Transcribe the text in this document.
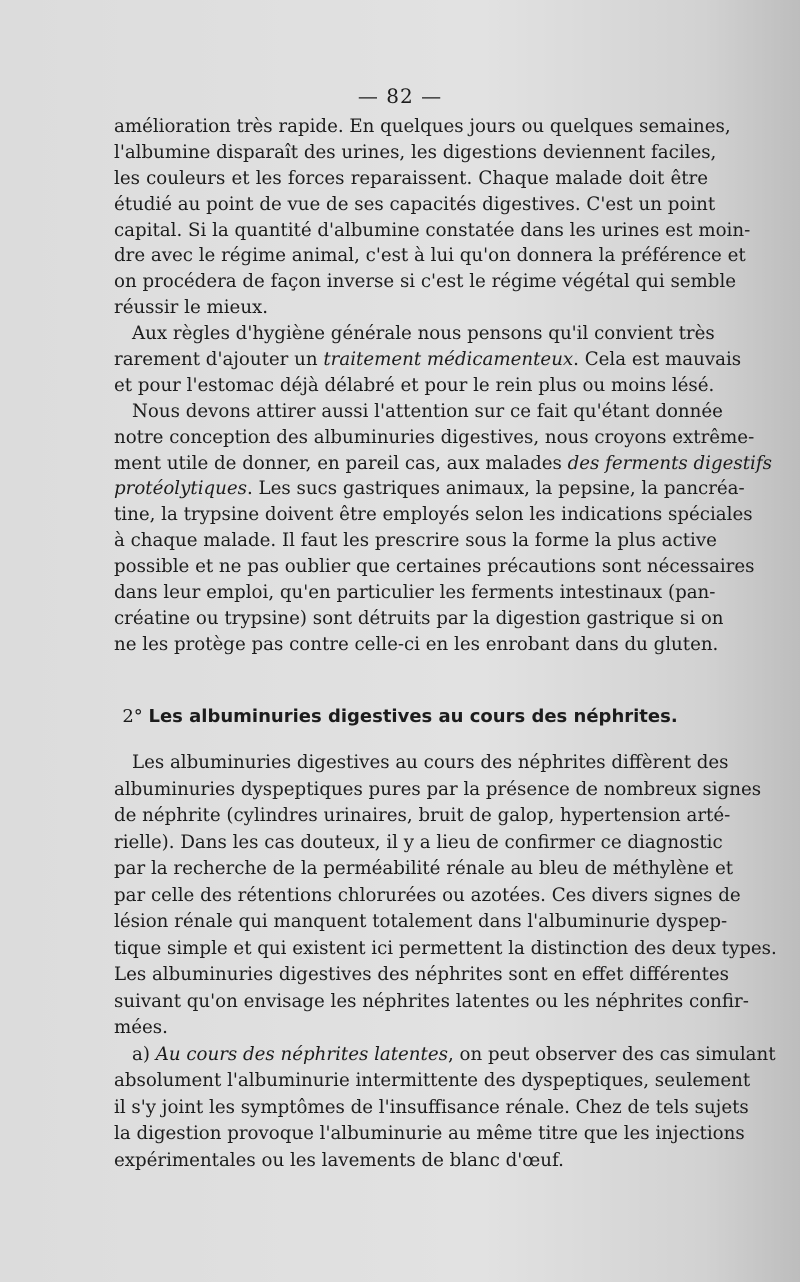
— 82 —
amélioration très rapide. En quelques jours ou quelques semaines,
l'albumine disparaît des urines, les digestions deviennent faciles,
les couleurs et les forces reparaissent. Chaque malade doit être
étudié au point de vue de ses capacités digestives. C'est un point
capital. Si la quantité d'albumine constatée dans les urines est moin-
dre avec le régime animal, c'est à lui qu'on donnera la préférence et
on procédera de façon inverse si c'est le régime végétal qui semble
réussir le mieux.
Aux règles d'hygiène générale nous pensons qu'il convient très
rarement d'ajouter un traitement médicamenteux. Cela est mauvais
et pour l'estomac déjà délabré et pour le rein plus ou moins lésé.
Nous devons attirer aussi l'attention sur ce fait qu'étant donnée
notre conception des albuminuries digestives, nous croyons extrême-
ment utile de donner, en pareil cas, aux malades des ferments digestifs
protéolytiques. Les sucs gastriques animaux, la pepsine, la pancréa-
tine, la trypsine doivent être employés selon les indications spéciales
à chaque malade. Il faut les prescrire sous la forme la plus active
possible et ne pas oublier que certaines précautions sont nécessaires
dans leur emploi, qu'en particulier les ferments intestinaux (pan-
créatine ou trypsine) sont détruits par la digestion gastrique si on
ne les protège pas contre celle-ci en les enrobant dans du gluten.
2° Les albuminuries digestives au cours des néphrites.
Les albuminuries digestives au cours des néphrites diffèrent des
albuminuries dyspeptiques pures par la présence de nombreux signes
de néphrite (cylindres urinaires, bruit de galop, hypertension arté-
rielle). Dans les cas douteux, il y a lieu de confirmer ce diagnostic
par la recherche de la perméabilité rénale au bleu de méthylène et
par celle des rétentions chlorurées ou azotées. Ces divers signes de
lésion rénale qui manquent totalement dans l'albuminurie dyspep-
tique simple et qui existent ici permettent la distinction des deux types.
Les albuminuries digestives des néphrites sont en effet différentes
suivant qu'on envisage les néphrites latentes ou les néphrites confir-
mées.
a) Au cours des néphrites latentes, on peut observer des cas simulant
absolument l'albuminurie intermittente des dyspeptiques, seulement
il s'y joint les symptômes de l'insuffisance rénale. Chez de tels sujets
la digestion provoque l'albuminurie au même titre que les injections
expérimentales ou les lavements de blanc d'œuf.
